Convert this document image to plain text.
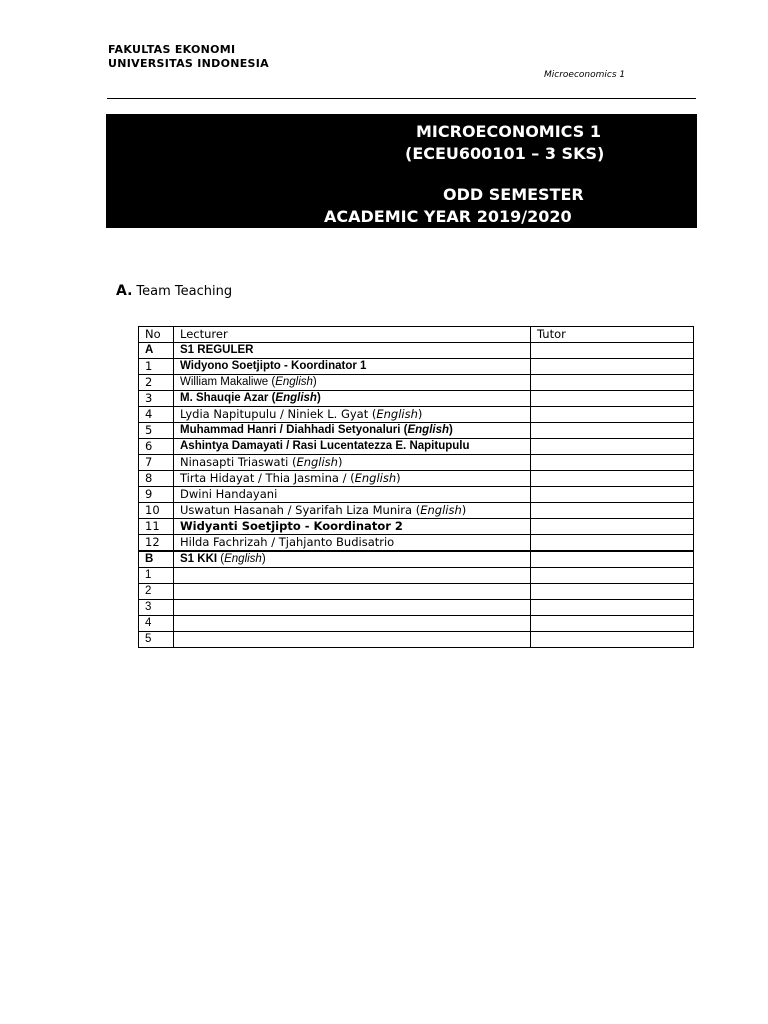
FAKULTAS EKONOMI
UNIVERSITAS INDONESIA
Microeconomics 1
MICROECONOMICS 1
(ECEU600101 – 3 SKS)
ODD SEMESTER
ACADEMIC YEAR 2019/2020
A. Team Teaching
No	Lecturer	Tutor
A	S1 REGULER	
1	Widyono Soetjipto - Koordinator 1	
2	William Makaliwe (English)	
3	M. Shauqie Azar (English)	
4	Lydia Napitupulu / Niniek L. Gyat (English)	
5	Muhammad Hanri / Diahhadi Setyonaluri (English)	
6	Ashintya Damayati / Rasi Lucentatezza E. Napitupulu	
7	Ninasapti Triaswati (English)	
8	Tirta Hidayat / Thia Jasmina / (English)	
9	Dwini Handayani	
10	Uswatun Hasanah / Syarifah Liza Munira (English)	
11	Widyanti Soetjipto - Koordinator 2	
12	Hilda Fachrizah / Tjahjanto Budisatrio	
B	S1 KKI (English)	
1		
2		
3		
4		
5		
